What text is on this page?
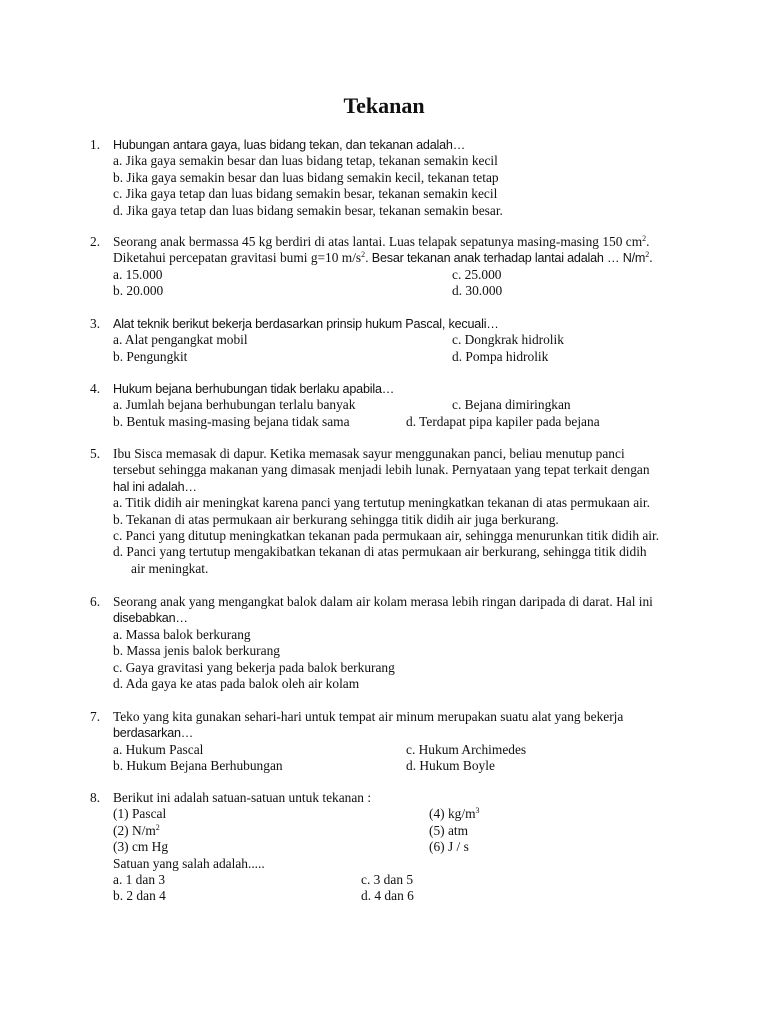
Tekanan
1. Hubungan antara gaya, luas bidang tekan, dan tekanan adalah…
a. Jika gaya semakin besar dan luas bidang tetap, tekanan semakin kecil
b. Jika gaya semakin besar dan luas bidang semakin kecil, tekanan tetap
c. Jika gaya tetap dan luas bidang semakin besar, tekanan semakin kecil
d. Jika gaya tetap dan luas bidang semakin besar, tekanan semakin besar.
2. Seorang anak bermassa 45 kg berdiri di atas lantai. Luas telapak sepatunya masing-masing 150 $cm^2$.
Diketahui percepatan gravitasi bumi g=10 $m/s^2$. Besar tekanan anak terhadap lantai adalah … $N/m^2$.
a. 15.000	c. 25.000
b. 20.000	d. 30.000
3. Alat teknik berikut bekerja berdasarkan prinsip hukum Pascal, kecuali…
a. Alat pengangkat mobil	c. Dongkrak hidrolik
b. Pengungkit	d. Pompa hidrolik
4. Hukum bejana berhubungan tidak berlaku apabila…
a. Jumlah bejana berhubungan terlalu banyak	c. Bejana dimiringkan
b. Bentuk masing-masing bejana tidak sama	d. Terdapat pipa kapiler pada bejana
5. Ibu Sisca memasak di dapur. Ketika memasak sayur menggunakan panci, beliau menutup panci
tersebut sehingga makanan yang dimasak menjadi lebih lunak. Pernyataan yang tepat terkait dengan
hal ini adalah…
a. Titik didih air meningkat karena panci yang tertutup meningkatkan tekanan di atas permukaan air.
b. Tekanan di atas permukaan air berkurang sehingga titik didih air juga berkurang.
c. Panci yang ditutup meningkatkan tekanan pada permukaan air, sehingga menurunkan titik didih air.
d. Panci yang tertutup mengakibatkan tekanan di atas permukaan air berkurang, sehingga titik didih
air meningkat.
6. Seorang anak yang mengangkat balok dalam air kolam merasa lebih ringan daripada di darat. Hal ini
disebabkan…
a. Massa balok berkurang
b. Massa jenis balok berkurang
c. Gaya gravitasi yang bekerja pada balok berkurang
d. Ada gaya ke atas pada balok oleh air kolam
7. Teko yang kita gunakan sehari-hari untuk tempat air minum merupakan suatu alat yang bekerja
berdasarkan…
a. Hukum Pascal	c. Hukum Archimedes
b. Hukum Bejana Berhubungan	d. Hukum Boyle
8. Berikut ini adalah satuan-satuan untuk tekanan :
(1) Pascal	(4) $kg/m^3$
(2) $N/m^2$	(5) atm
(3) cm Hg	(6) J / s
Satuan yang salah adalah.....
a. 1 dan 3	c. 3 dan 5
b. 2 dan 4	d. 4 dan 6
